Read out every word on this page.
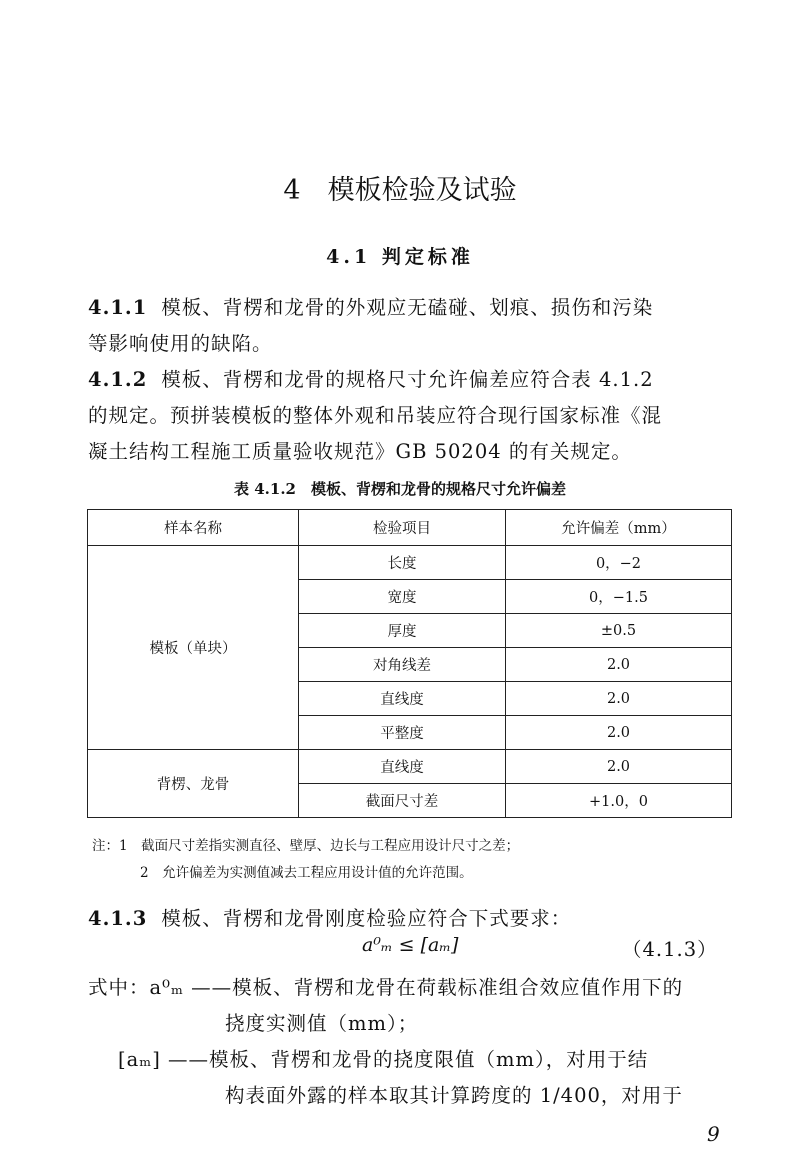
4　模板检验及试验
4.1 判定标准
4.1.1 模板、背楞和龙骨的外观应无磕碰、划痕、损伤和污染
等影响使用的缺陷。
4.1.2 模板、背楞和龙骨的规格尺寸允许偏差应符合表 4.1.2
的规定。预拼装模板的整体外观和吊装应符合现行国家标准《混
凝土结构工程施工质量验收规范》GB 50204 的有关规定。
表 4.1.2　模板、背楞和龙骨的规格尺寸允许偏差
样本名称	检验项目	允许偏差（mm）
模板（单块）	长度	0，−2
	宽度	0，−1.5
	厚度	±0.5
	对角线差	2.0
	直线度	2.0
	平整度	2.0
背楞、龙骨	直线度	2.0
	截面尺寸差	+1.0，0
注：1　截面尺寸差指实测直径、壁厚、边长与工程应用设计尺寸之差；
2　允许偏差为实测值减去工程应用设计值的允许范围。
4.1.3 模板、背楞和龙骨刚度检验应符合下式要求：
a⁰ₘ ≤ [aₘ]	（4.1.3）
式中：a⁰ₘ ——模板、背楞和龙骨在荷载标准组合效应值作用下的
挠度实测值（mm）；
[aₘ] ——模板、背楞和龙骨的挠度限值（mm），对用于结
构表面外露的样本取其计算跨度的 1/400，对用于
9
